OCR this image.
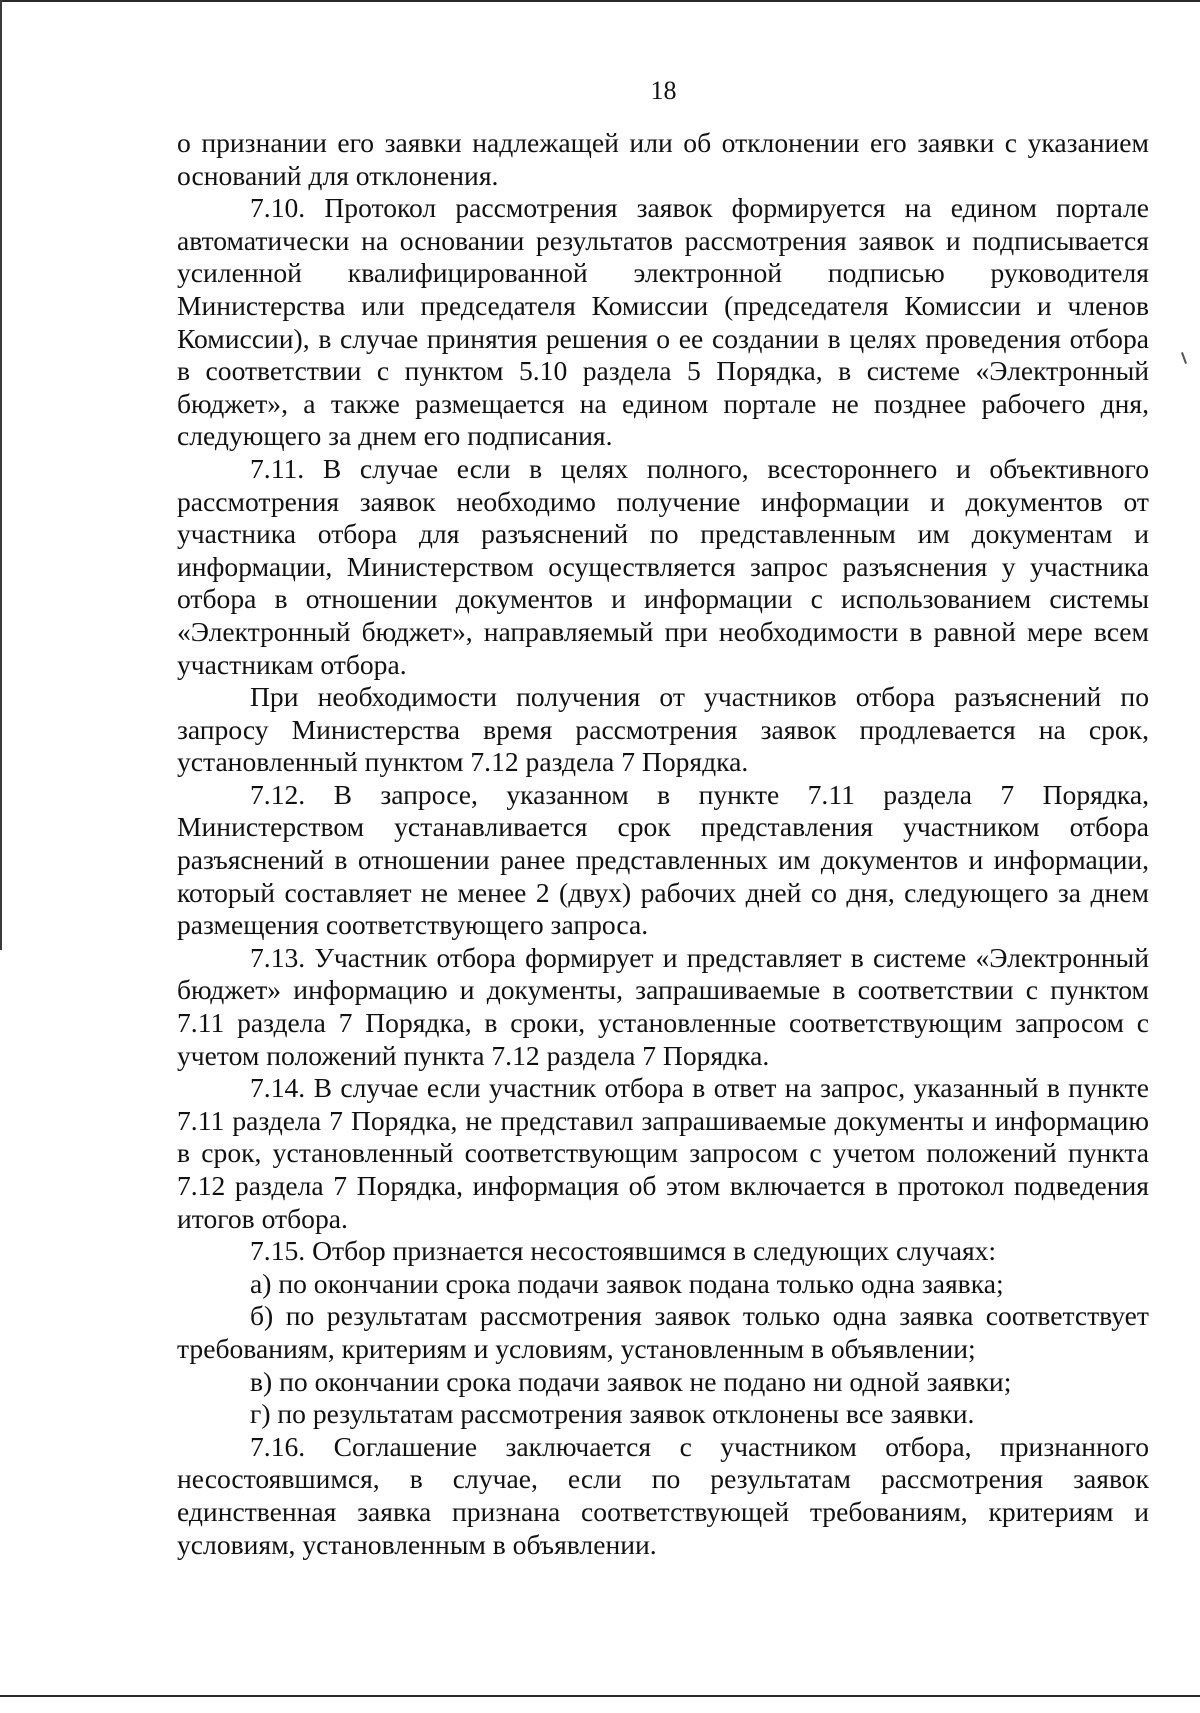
18

о признании его заявки надлежащей или об отклонении его заявки с указанием оснований для отклонения.

7.10. Протокол рассмотрения заявок формируется на едином портале автоматически на основании результатов рассмотрения заявок и подписывается усиленной квалифицированной электронной подписью руководителя Министерства или председателя Комиссии (председателя Комиссии и членов Комиссии), в случае принятия решения о ее создании в целях проведения отбора в соответствии с пунктом 5.10 раздела 5 Порядка, в системе «Электронный бюджет», а также размещается на едином портале не позднее рабочего дня, следующего за днем его подписания.

7.11. В случае если в целях полного, всестороннего и объективного рассмотрения заявок необходимо получение информации и документов от участника отбора для разъяснений по представленным им документам и информации, Министерством осуществляется запрос разъяснения у участника отбора в отношении документов и информации с использованием системы «Электронный бюджет», направляемый при необходимости в равной мере всем участникам отбора.

При необходимости получения от участников отбора разъяснений по запросу Министерства время рассмотрения заявок продлевается на срок, установленный пунктом 7.12 раздела 7 Порядка.

7.12. В запросе, указанном в пункте 7.11 раздела 7 Порядка, Министерством устанавливается срок представления участником отбора разъяснений в отношении ранее представленных им документов и информации, который составляет не менее 2 (двух) рабочих дней со дня, следующего за днем размещения соответствующего запроса.

7.13. Участник отбора формирует и представляет в системе «Электронный бюджет» информацию и документы, запрашиваемые в соответствии с пунктом 7.11 раздела 7 Порядка, в сроки, установленные соответствующим запросом с учетом положений пункта 7.12 раздела 7 Порядка.

7.14. В случае если участник отбора в ответ на запрос, указанный в пункте 7.11 раздела 7 Порядка, не представил запрашиваемые документы и информацию в срок, установленный соответствующим запросом с учетом положений пункта 7.12 раздела 7 Порядка, информация об этом включается в протокол подведения итогов отбора.

7.15. Отбор признается несостоявшимся в следующих случаях:

а) по окончании срока подачи заявок подана только одна заявка;

б) по результатам рассмотрения заявок только одна заявка соответствует требованиям, критериям и условиям, установленным в объявлении;

в) по окончании срока подачи заявок не подано ни одной заявки;

г) по результатам рассмотрения заявок отклонены все заявки.

7.16. Соглашение заключается с участником отбора, признанного несостоявшимся, в случае, если по результатам рассмотрения заявок единственная заявка признана соответствующей требованиям, критериям и условиям, установленным в объявлении.
